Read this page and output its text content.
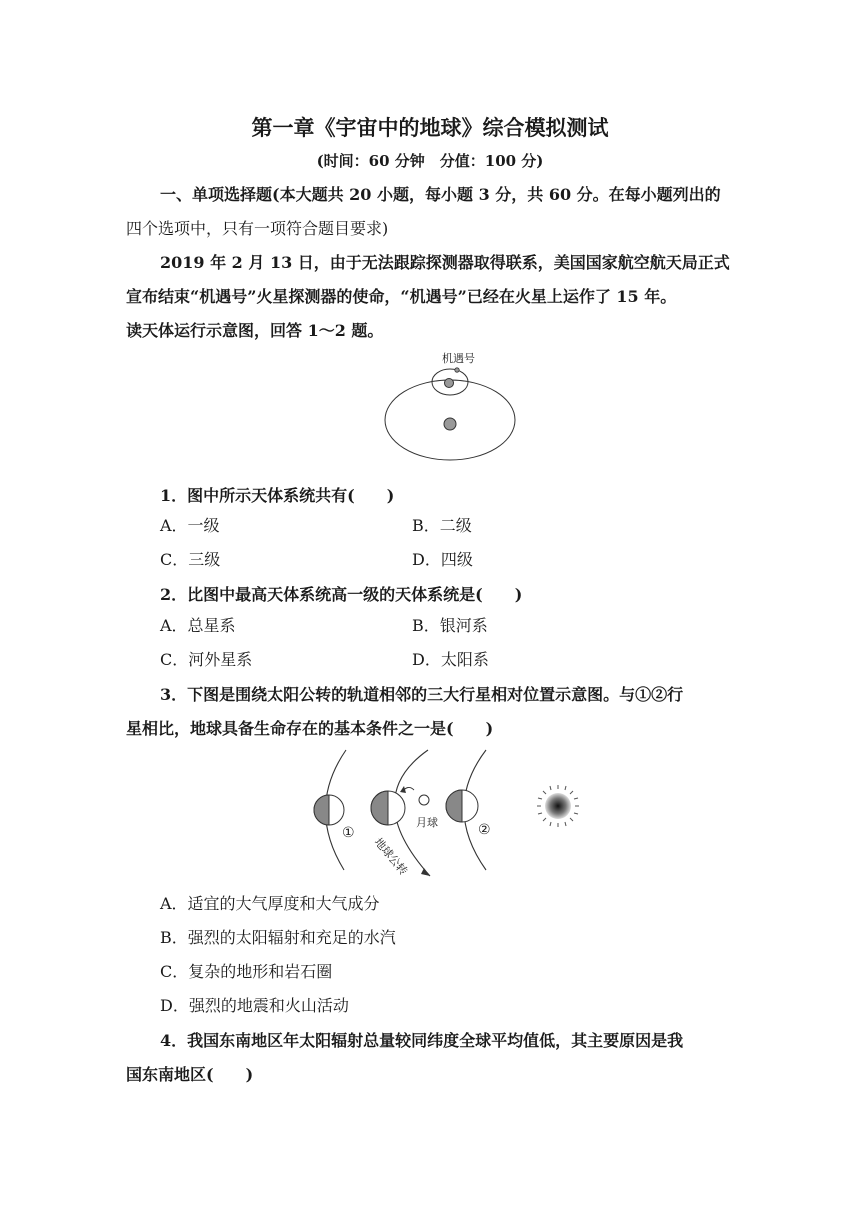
第一章《宇宙中的地球》综合模拟测试
(时间：60 分钟　分值：100 分)
一、单项选择题(本大题共 20 小题，每小题 3 分，共 60 分。在每小题列出的
四个选项中，只有一项符合题目要求)
2019 年 2 月 13 日，由于无法跟踪探测器取得联系，美国国家航空航天局正式
宣布结束“机遇号”火星探测器的使命，“机遇号”已经在火星上运作了 15 年。
读天体运行示意图，回答 1～2 题。
机遇号
1．图中所示天体系统共有(　　)
A．一级	B．二级
C．三级	D．四级
2．比图中最高天体系统高一级的天体系统是(　　)
A．总星系	B．银河系
C．河外星系	D．太阳系
3．下图是围绕太阳公转的轨道相邻的三大行星相对位置示意图。与①②行
星相比，地球具备生命存在的基本条件之一是(　　)
①
月球	②
地球公转
A．适宜的大气厚度和大气成分
B．强烈的太阳辐射和充足的水汽
C．复杂的地形和岩石圈
D．强烈的地震和火山活动
4．我国东南地区年太阳辐射总量较同纬度全球平均值低，其主要原因是我
国东南地区(　　)
